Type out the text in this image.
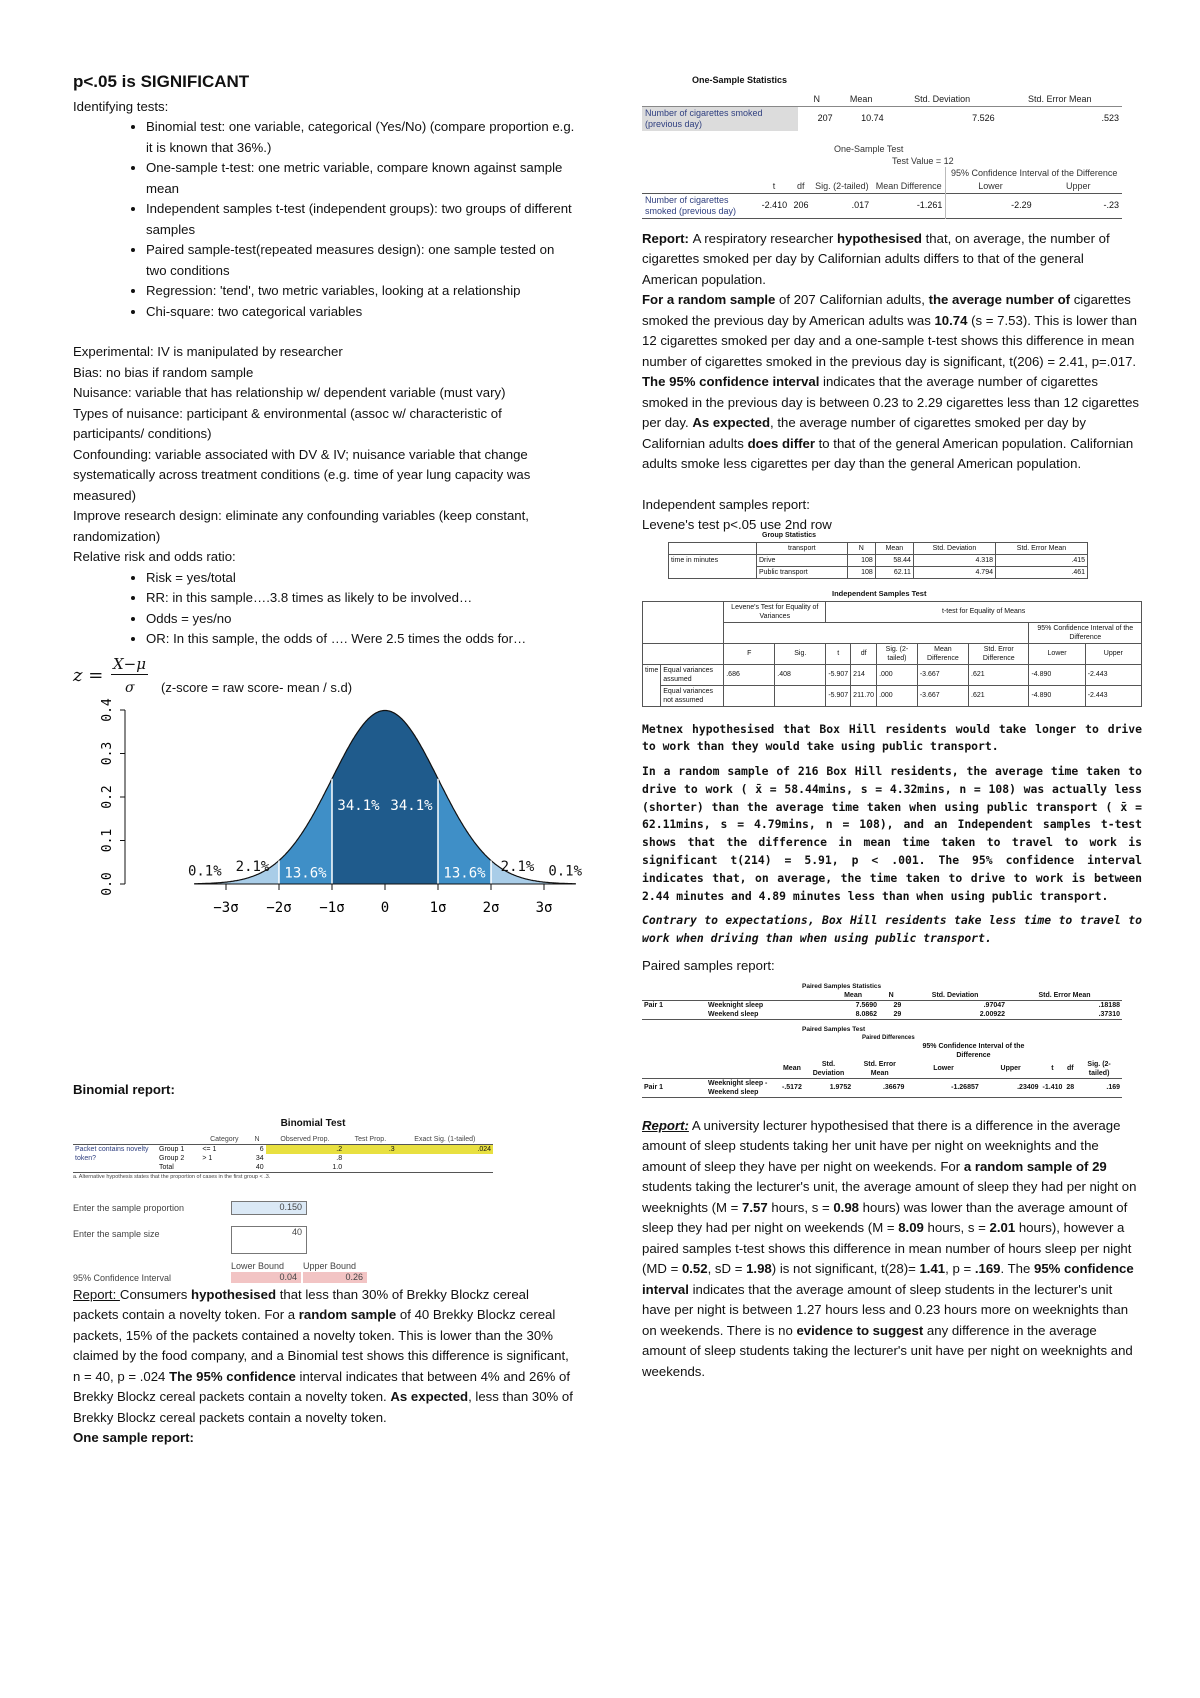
p<.05 is SIGNIFICANT
Identifying tests:
• Binomial test: one variable, categorical (Yes/No) (compare proportion e.g. it is known that 36%.)
• One-sample t-test: one metric variable, compare known against sample mean
• Independent samples t-test (independent groups): two groups of different samples
• Paired sample-test(repeated measures design): one sample tested on two conditions
• Regression: 'tend', two metric variables, looking at a relationship
• Chi-square: two categorical variables
Experimental: IV is manipulated by researcher
Bias: no bias if random sample
Nuisance: variable that has relationship w/ dependent variable (must vary)
Types of nuisance: participant & environmental (assoc w/ characteristic of participants/ conditions)
Confounding: variable associated with DV & IV; nuisance variable that change systematically across treatment conditions (e.g. time of year lung capacity was measured)
Improve research design: eliminate any confounding variables (keep constant, randomization)
Relative risk and odds ratio:
• Risk = yes/total
• RR: in this sample….3.8 times as likely to be involved…
• Odds = yes/no
• OR: In this sample, the odds of …. Were 2.5 times the odds for…
z =
X−μ
σ (z-score = raw score- mean / s.d)
0.0
0.1
0.2
0.3
0.4
−3σ −2σ −1σ	0	1σ	2σ	3σ
0.1% 2.1% 13.6%
34.1% 34.1%
13.6% 2.1% 0.1%
Binomial report:
Binomial Test
		Category	N	Observed Prop.	Test Prop.	Exact Sig. (1-tailed)
Packet contains novelty token?	Group 1	<= 1	6	.2	.3	.024
	Group 2	> 1	34	.8		
	Total		40	1.0		
a. Alternative hypothesis states that the proportion of cases in the first group < .3.
Enter the sample proportion	0.150
Enter the sample size	40
Lower Bound Upper Bound
95% Confidence Interval	0.04	0.26
Report: Consumers hypothesised that less than 30% of Brekky Blockz cereal packets contain a novelty token. For a random sample of 40 Brekky Blockz cereal packets, 15% of the packets contained a novelty token. This is lower than the 30% claimed by the food company, and a Binomial test shows this difference is significant, n = 40, p = .024 The 95% confidence interval indicates that between 4% and 26% of Brekky Blockz cereal packets contain a novelty token. As expected, less than 30% of Brekky Blockz cereal packets contain a novelty token.
One sample report:
One-Sample Statistics
	N	Mean	Std. Deviation	Std. Error Mean
Number of cigarettes smoked (previous day)	207	10.74	7.526	.523
One-Sample Test
Test Value = 12
					95% Confidence Interval of the Difference	
	t	df	Sig. (2-tailed)	Mean Difference	Lower	Upper
Number of cigarettes smoked (previous day)	-2.410	206	.017	-1.261	-2.29	-.23
Report: A respiratory researcher hypothesised that, on average, the number of cigarettes smoked per day by Californian adults differs to that of the general American population.
For a random sample of 207 Californian adults, the average number of cigarettes smoked the previous day by American adults was 10.74 (s = 7.53). This is lower than 12 cigarettes smoked per day and a one-sample t-test shows this difference in mean number of cigarettes smoked in the previous day is significant, t(206) = 2.41, p=.017.
The 95% confidence interval indicates that the average number of cigarettes smoked in the previous day is between 0.23 to 2.29 cigarettes less than 12 cigarettes per day. As expected, the average number of cigarettes smoked per day by Californian adults does differ to that of the general American population. Californian adults smoke less cigarettes per day than the general American population.
Independent samples report:
Levene's test p<.05 use 2nd row
Group Statistics
	transport	N	Mean	Std. Deviation	Std. Error Mean
time in minutes	Drive	108	58.44	4.318	.415
	Public transport	108	62.11	4.794	.461
Independent Samples Test
		Levene's Test for Equality of Variances		t-test for Equality of Means						
									95% Confidence Interval of the Difference	
		F	Sig.	t	df	Sig. (2-tailed)	Mean Difference	Std. Error Difference	Lower	Upper
time	Equal variances assumed	.686	.408	-5.907	214	.000	-3.667	.621	-4.890	-2.443
	Equal variances not assumed			-5.907	211.70	.000	-3.667	.621	-4.890	-2.443
Metnex hypothesised that Box Hill residents would take longer to drive to work than they would take using public transport.
In a random sample of 216 Box Hill residents, the average time taken to drive to work ( x̄ = 58.44mins, s = 4.32mins, n = 108) was actually less (shorter) than the average time taken when using public transport ( x̄ = 62.11mins, s = 4.79mins, n = 108), and an Independent samples t-test shows that the difference in mean time taken to travel to work is significant t(214) = 5.91, p < .001. The 95% confidence interval indicates that, on average, the time taken to drive to work is between 2.44 minutes and 4.89 minutes less than when using public transport.
Contrary to expectations, Box Hill residents take less time to travel to work when driving than when using public transport.
Paired samples report:
Paired Samples Statistics
		Mean	N	Std. Deviation	Std. Error Mean
Pair 1	Weeknight sleep	7.5690	29	.97047	.18188
	Weekend sleep	8.0862	29	2.00922	.37310
Paired Samples Test
Paired Differences
					95% Confidence Interval of the Difference				
		Mean	Std. Deviation	Std. Error Mean	Lower	Upper	t	df	Sig. (2-tailed)
Pair 1	Weeknight sleep - Weekend sleep	-.5172	1.9752	.36679	-1.26857	.23409	-1.410	28	.169
Report: A university lecturer hypothesised that there is a difference in the average amount of sleep students taking her unit have per night on weeknights and the amount of sleep they have per night on weekends. For a random sample of 29 students taking the lecturer's unit, the average amount of sleep they had per night on weeknights (M = 7.57 hours, s = 0.98 hours) was lower than the average amount of sleep they had per night on weekends (M = 8.09 hours, s = 2.01 hours), however a paired samples t-test shows this difference in mean number of hours sleep per night (MD = 0.52, sD = 1.98) is not significant, t(28)= 1.41, p = .169. The 95% confidence interval indicates that the average amount of sleep students in the lecturer's unit have per night is between 1.27 hours less and 0.23 hours more on weeknights than on weekends. There is no evidence to suggest any difference in the average amount of sleep students taking the lecturer's unit have per night on weeknights and weekends.
